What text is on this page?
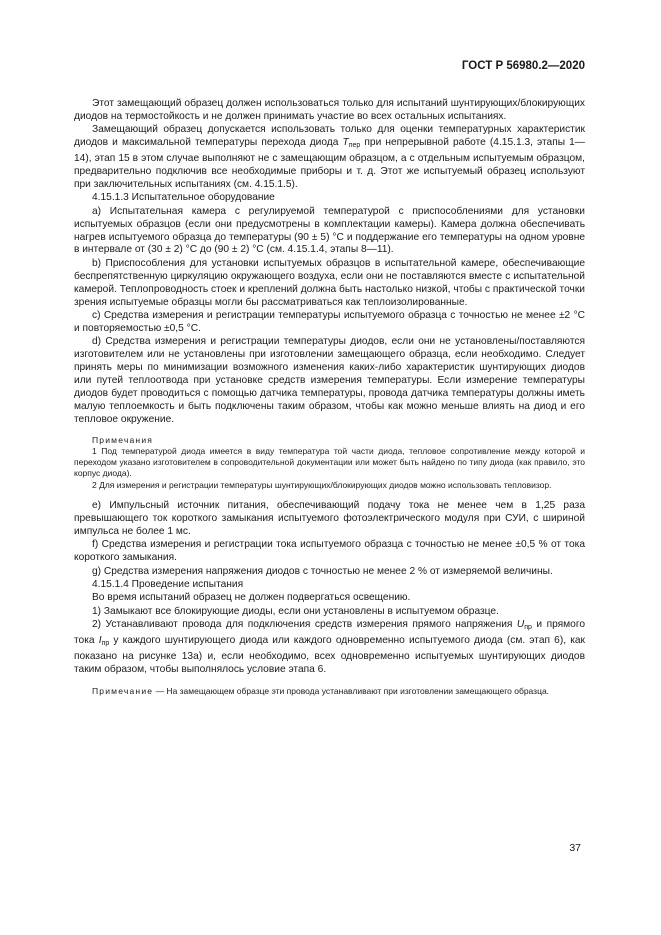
ГОСТ Р 56980.2—2020

Этот замещающий образец должен использоваться только для испытаний шунтирующих/блокирующих диодов на термостойкость и не должен принимать участие во всех остальных испытаниях.

Замещающий образец допускается использовать только для оценки температурных характеристик диодов и максимальной температуры перехода диода $T_{пер}$ при непрерывной работе (4.15.1.3, этапы 1—14), этап 15 в этом случае выполняют не с замещающим образцом, а с отдельным испытуемым образцом, предварительно подключив все необходимые приборы и т. д. Этот же испытуемый образец используют при заключительных испытаниях (см. 4.15.1.5).

4.15.1.3 Испытательное оборудование

а) Испытательная камера с регулируемой температурой с приспособлениями для установки испытуемых образцов (если они предусмотрены в комплектации камеры). Камера должна обеспечивать нагрев испытуемого образца до температуры (90 ± 5) °С и поддержание его температуры на одном уровне в интервале от (30 ± 2) °С до (90 ± 2) °С (см. 4.15.1.4, этапы 8—11).

b) Приспособления для установки испытуемых образцов в испытательной камере, обеспечивающие беспрепятственную циркуляцию окружающего воздуха, если они не поставляются вместе с испытательной камерой. Теплопроводность стоек и креплений должна быть настолько низкой, чтобы с практической точки зрения испытуемые образцы могли бы рассматриваться как теплоизолированные.

c) Средства измерения и регистрации температуры испытуемого образца с точностью не менее ±2 °С и повторяемостью ±0,5 °С.

d) Средства измерения и регистрации температуры диодов, если они не установлены/поставляются изготовителем или не установлены при изготовлении замещающего образца, если необходимо. Следует принять меры по минимизации возможного изменения каких-либо характеристик шунтирующих диодов или путей теплоотвода при установке средств измерения температуры. Если измерение температуры диодов будет проводиться с помощью датчика температуры, провода датчика температуры должны иметь малую теплоемкость и быть подключены таким образом, чтобы как можно меньше влиять на диод и его тепловое окружение.

Примечания

1 Под температурой диода имеется в виду температура той части диода, тепловое сопротивление между которой и переходом указано изготовителем в сопроводительной документации или может быть найдено по типу диода (как правило, это корпус диода).

2 Для измерения и регистрации температуры шунтирующих/блокирующих диодов можно использовать тепловизор.

e) Импульсный источник питания, обеспечивающий подачу тока не менее чем в 1,25 раза превышающего ток короткого замыкания испытуемого фотоэлектрического модуля при СУИ, с шириной импульса не более 1 мс.

f) Средства измерения и регистрации тока испытуемого образца с точностью не менее ±0,5 % от тока короткого замыкания.

g) Средства измерения напряжения диодов с точностью не менее 2 % от измеряемой величины.

4.15.1.4 Проведение испытания

Во время испытаний образец не должен подвергаться освещению.

1) Замыкают все блокирующие диоды, если они установлены в испытуемом образце.

2) Устанавливают провода для подключения средств измерения прямого напряжения $U_{пр}$ и прямого тока $I_{пр}$ у каждого шунтирующего диода или каждого одновременно испытуемого диода (см. этап 6), как показано на рисунке 13а) и, если необходимо, всех одновременно испытуемых шунтирующих диодов таким образом, чтобы выполнялось условие этапа 6.

Примечание — На замещающем образце эти провода устанавливают при изготовлении замещающего образца.

37
